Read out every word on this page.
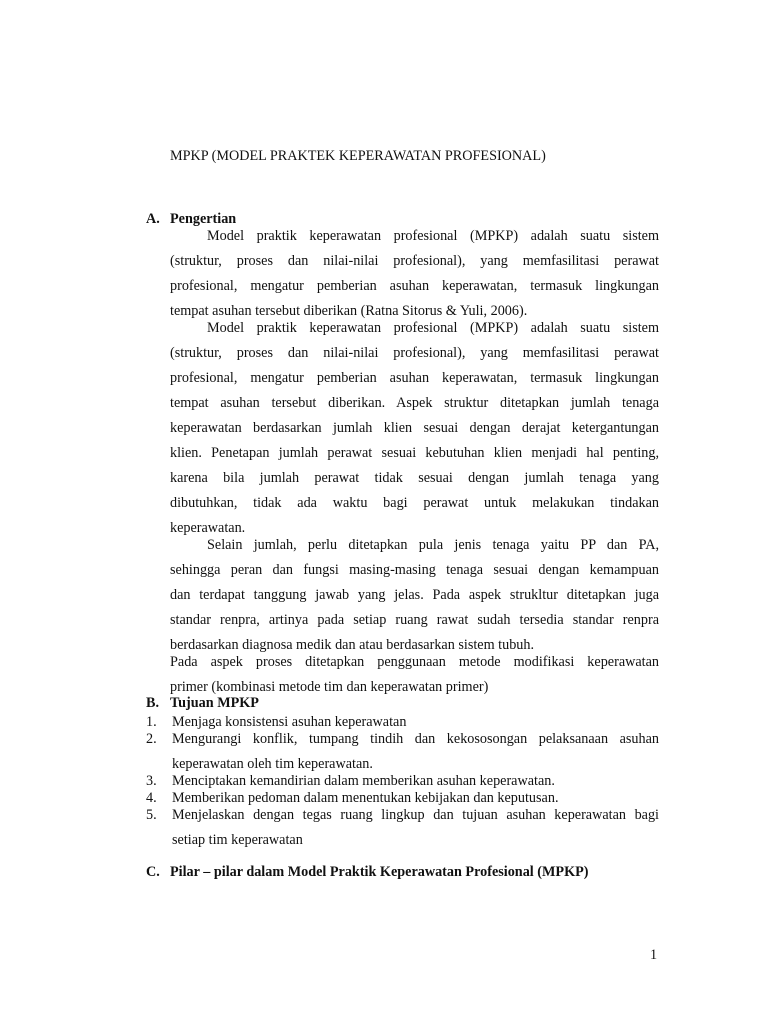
MPKP (MODEL PRAKTEK KEPERAWATAN PROFESIONAL)
A. Pengertian
Model praktik keperawatan profesional (MPKP) adalah suatu sistem
(struktur, proses dan nilai-nilai profesional), yang memfasilitasi perawat
profesional, mengatur pemberian asuhan keperawatan, termasuk lingkungan
tempat asuhan tersebut diberikan (Ratna Sitorus & Yuli, 2006).
Model praktik keperawatan profesional (MPKP) adalah suatu sistem
(struktur, proses dan nilai-nilai profesional), yang memfasilitasi perawat
profesional, mengatur pemberian asuhan keperawatan, termasuk lingkungan
tempat asuhan tersebut diberikan. Aspek struktur ditetapkan jumlah tenaga
keperawatan berdasarkan jumlah klien sesuai dengan derajat ketergantungan
klien. Penetapan jumlah perawat sesuai kebutuhan klien menjadi hal penting,
karena bila jumlah perawat tidak sesuai dengan jumlah tenaga yang
dibutuhkan, tidak ada waktu bagi perawat untuk melakukan tindakan
keperawatan.
Selain jumlah, perlu ditetapkan pula jenis tenaga yaitu PP dan PA,
sehingga peran dan fungsi masing-masing tenaga sesuai dengan kemampuan
dan terdapat tanggung jawab yang jelas. Pada aspek strukltur ditetapkan juga
standar renpra, artinya pada setiap ruang rawat sudah tersedia standar renpra
berdasarkan diagnosa medik dan atau berdasarkan sistem tubuh.
Pada aspek proses ditetapkan penggunaan metode modifikasi keperawatan
primer (kombinasi metode tim dan keperawatan primer)
B. Tujuan MPKP
1. Menjaga konsistensi asuhan keperawatan
2. Mengurangi konflik, tumpang tindih dan kekososongan pelaksanaan asuhan
keperawatan oleh tim keperawatan.
3. Menciptakan kemandirian dalam memberikan asuhan keperawatan.
4. Memberikan pedoman dalam menentukan kebijakan dan keputusan.
5. Menjelaskan dengan tegas ruang lingkup dan tujuan asuhan keperawatan bagi
setiap tim keperawatan
C. Pilar – pilar dalam Model Praktik Keperawatan Profesional (MPKP)
1
